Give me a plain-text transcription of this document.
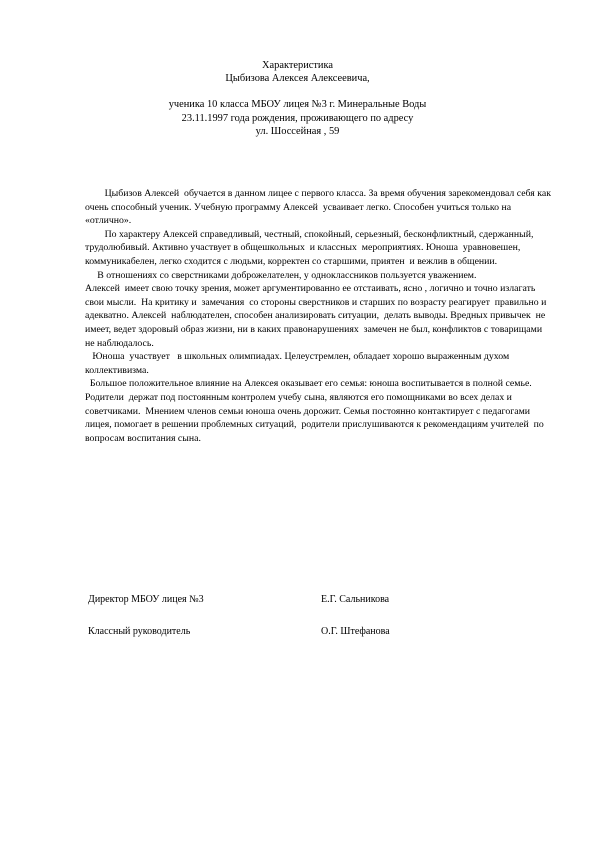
Характеристика
Цыбизова Алексея Алексеевича,
ученика 10 класса МБОУ лицея №3 г. Минеральные Воды
23.11.1997 года рождения, проживающего по адресу
ул. Шоссейная , 59

Цыбизов Алексей  обучается в данном лицее с первого класса. За время обучения зарекомендовал себя как очень способный ученик. Учебную программу Алексей  усваивает легко. Способен учиться только на  «отлично».

По характеру Алексей справедливый, честный, спокойный, серьезный, бесконфликтный, сдержанный, трудолюбивый. Активно участвует в общешкольных  и классных  мероприятиях. Юноша  уравновешен, коммуникабелен, легко сходится с людьми, корректен со старшими, приятен  и вежлив в общении.

В отношениях со сверстниками доброжелателен, у одноклассников пользуется уважением.

Алексей  имеет свою точку зрения, может аргументированно ее отстаивать, ясно , логично и точно излагать  свои мысли.  На критику и  замечания  со стороны сверстников и старших по возрасту реагирует  правильно и адекватно. Алексей  наблюдателен, способен анализировать ситуации,  делать выводы. Вредных привычек  не имеет, ведет здоровый образ жизни, ни в каких правонарушениях  замечен не был, конфликтов с товарищами  не наблюдалось.

Юноша  участвует   в школьных олимпиадах. Целеустремлен, обладает хорошо выраженным духом коллективизма.

Большое положительное влияние на Алексея оказывает его семья: юноша воспитывается в полной семье. Родители  держат под постоянным контролем учебу сына, являются его помощниками во всех делах и советчиками.  Мнением членов семьи юноша очень дорожит. Семья постоянно контактирует с педагогами лицея, помогает в решении проблемных ситуаций,  родители прислушиваются к рекомендациям учителей  по вопросам воспитания сына.

Директор МБОУ лицея №3	Е.Г. Сальникова
Классный руководитель	О.Г. Штефанова
